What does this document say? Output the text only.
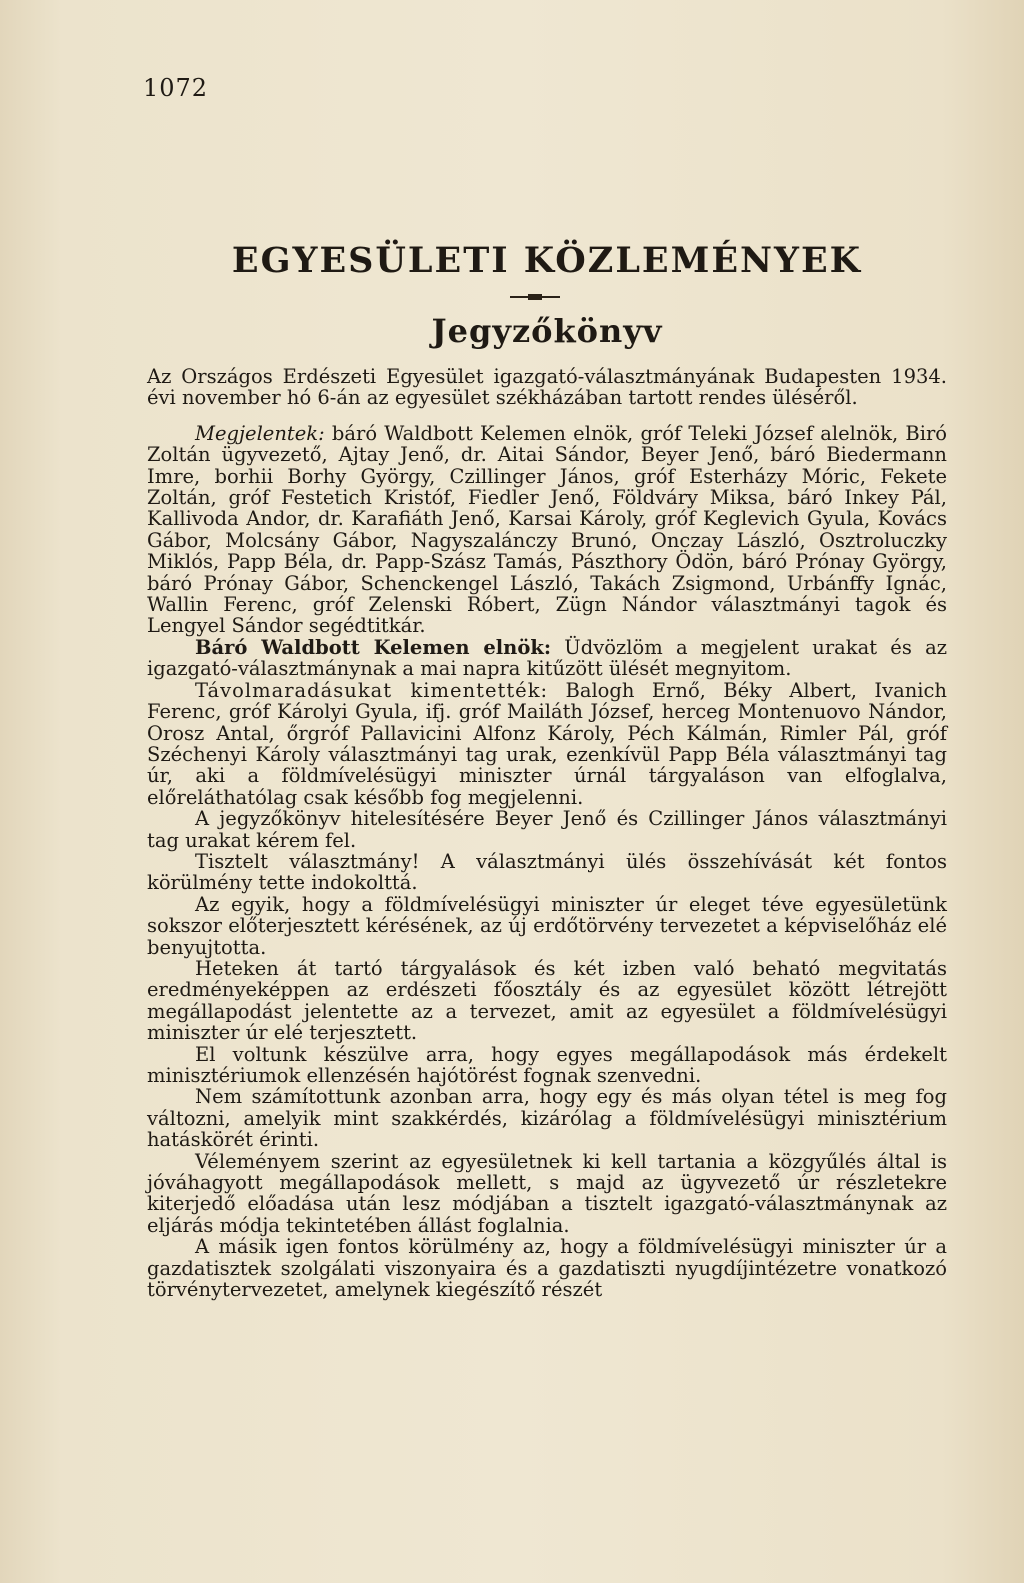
1072
EGYESÜLETI KÖZLEMÉNYEK
Jegyzőkönyv

Az Országos Erdészeti Egyesület igazgató-választmányának Budapesten 1934. évi november hó 6-án az egyesület székházában tartott rendes üléséről.

Megjelentek: báró Waldbott Kelemen elnök, gróf Teleki József alelnök, Biró Zoltán ügyvezető, Ajtay Jenő, dr. Aitai Sándor, Beyer Jenő, báró Biedermann Imre, borhii Borhy György, Czillinger János, gróf Esterházy Móric, Fekete Zoltán, gróf Festetich Kristóf, Fiedler Jenő, Földváry Miksa, báró Inkey Pál, Kallivoda Andor, dr. Karafiáth Jenő, Karsai Károly, gróf Keglevich Gyula, Kovács Gábor, Molcsány Gábor, Nagyszalánczy Brunó, Onczay László, Osztroluczky Miklós, Papp Béla, dr. Papp-Szász Tamás, Pászthory Ödön, báró Prónay György, báró Prónay Gábor, Schenckengel László, Takách Zsigmond, Urbánffy Ignác, Wallin Ferenc, gróf Zelenski Róbert, Zügn Nándor választmányi tagok és Lengyel Sándor segédtitkár.

Báró Waldbott Kelemen elnök: Üdvözlöm a megjelent urakat és az igazgató-választmánynak a mai napra kitűzött ülését megnyitom.

Távolmaradásukat kimentették: Balogh Ernő, Béky Albert, Ivanich Ferenc, gróf Károlyi Gyula, ifj. gróf Mailáth József, herceg Montenuovo Nándor, Orosz Antal, őrgróf Pallavicini Alfonz Károly, Péch Kálmán, Rimler Pál, gróf Széchenyi Károly választmányi tag urak, ezenkívül Papp Béla választmányi tag úr, aki a földmívelésügyi miniszter úrnál tárgyaláson van elfoglalva, előreláthatólag csak később fog megjelenni.

A jegyzőkönyv hitelesítésére Beyer Jenő és Czillinger János választmányi tag urakat kérem fel.

Tisztelt választmány! A választmányi ülés összehívását két fontos körülmény tette indokolttá.

Az egyik, hogy a földmívelésügyi miniszter úr eleget téve egyesületünk sokszor előterjesztett kérésének, az új erdőtörvény tervezetet a képviselőház elé benyujtotta.

Heteken át tartó tárgyalások és két izben való beható megvitatás eredményeképpen az erdészeti főosztály és az egyesület között létrejött megállapodást jelentette az a tervezet, amit az egyesület a földmívelésügyi miniszter úr elé terjesztett.

El voltunk készülve arra, hogy egyes megállapodások más érdekelt minisztériumok ellenzésén hajótörést fognak szenvedni.

Nem számítottunk azonban arra, hogy egy és más olyan tétel is meg fog változni, amelyik mint szakkérdés, kizárólag a földmívelésügyi minisztérium hatáskörét érinti.

Véleményem szerint az egyesületnek ki kell tartania a közgyűlés által is jóváhagyott megállapodások mellett, s majd az ügyvezető úr részletekre kiterjedő előadása után lesz módjában a tisztelt igazgató-választmánynak az eljárás módja tekintetében állást foglalnia.

A másik igen fontos körülmény az, hogy a földmívelésügyi miniszter úr a gazdatisztek szolgálati viszonyaira és a gazdatiszti nyugdíjintézetre vonatkozó törvénytervezetet, amelynek kiegészítő részét
